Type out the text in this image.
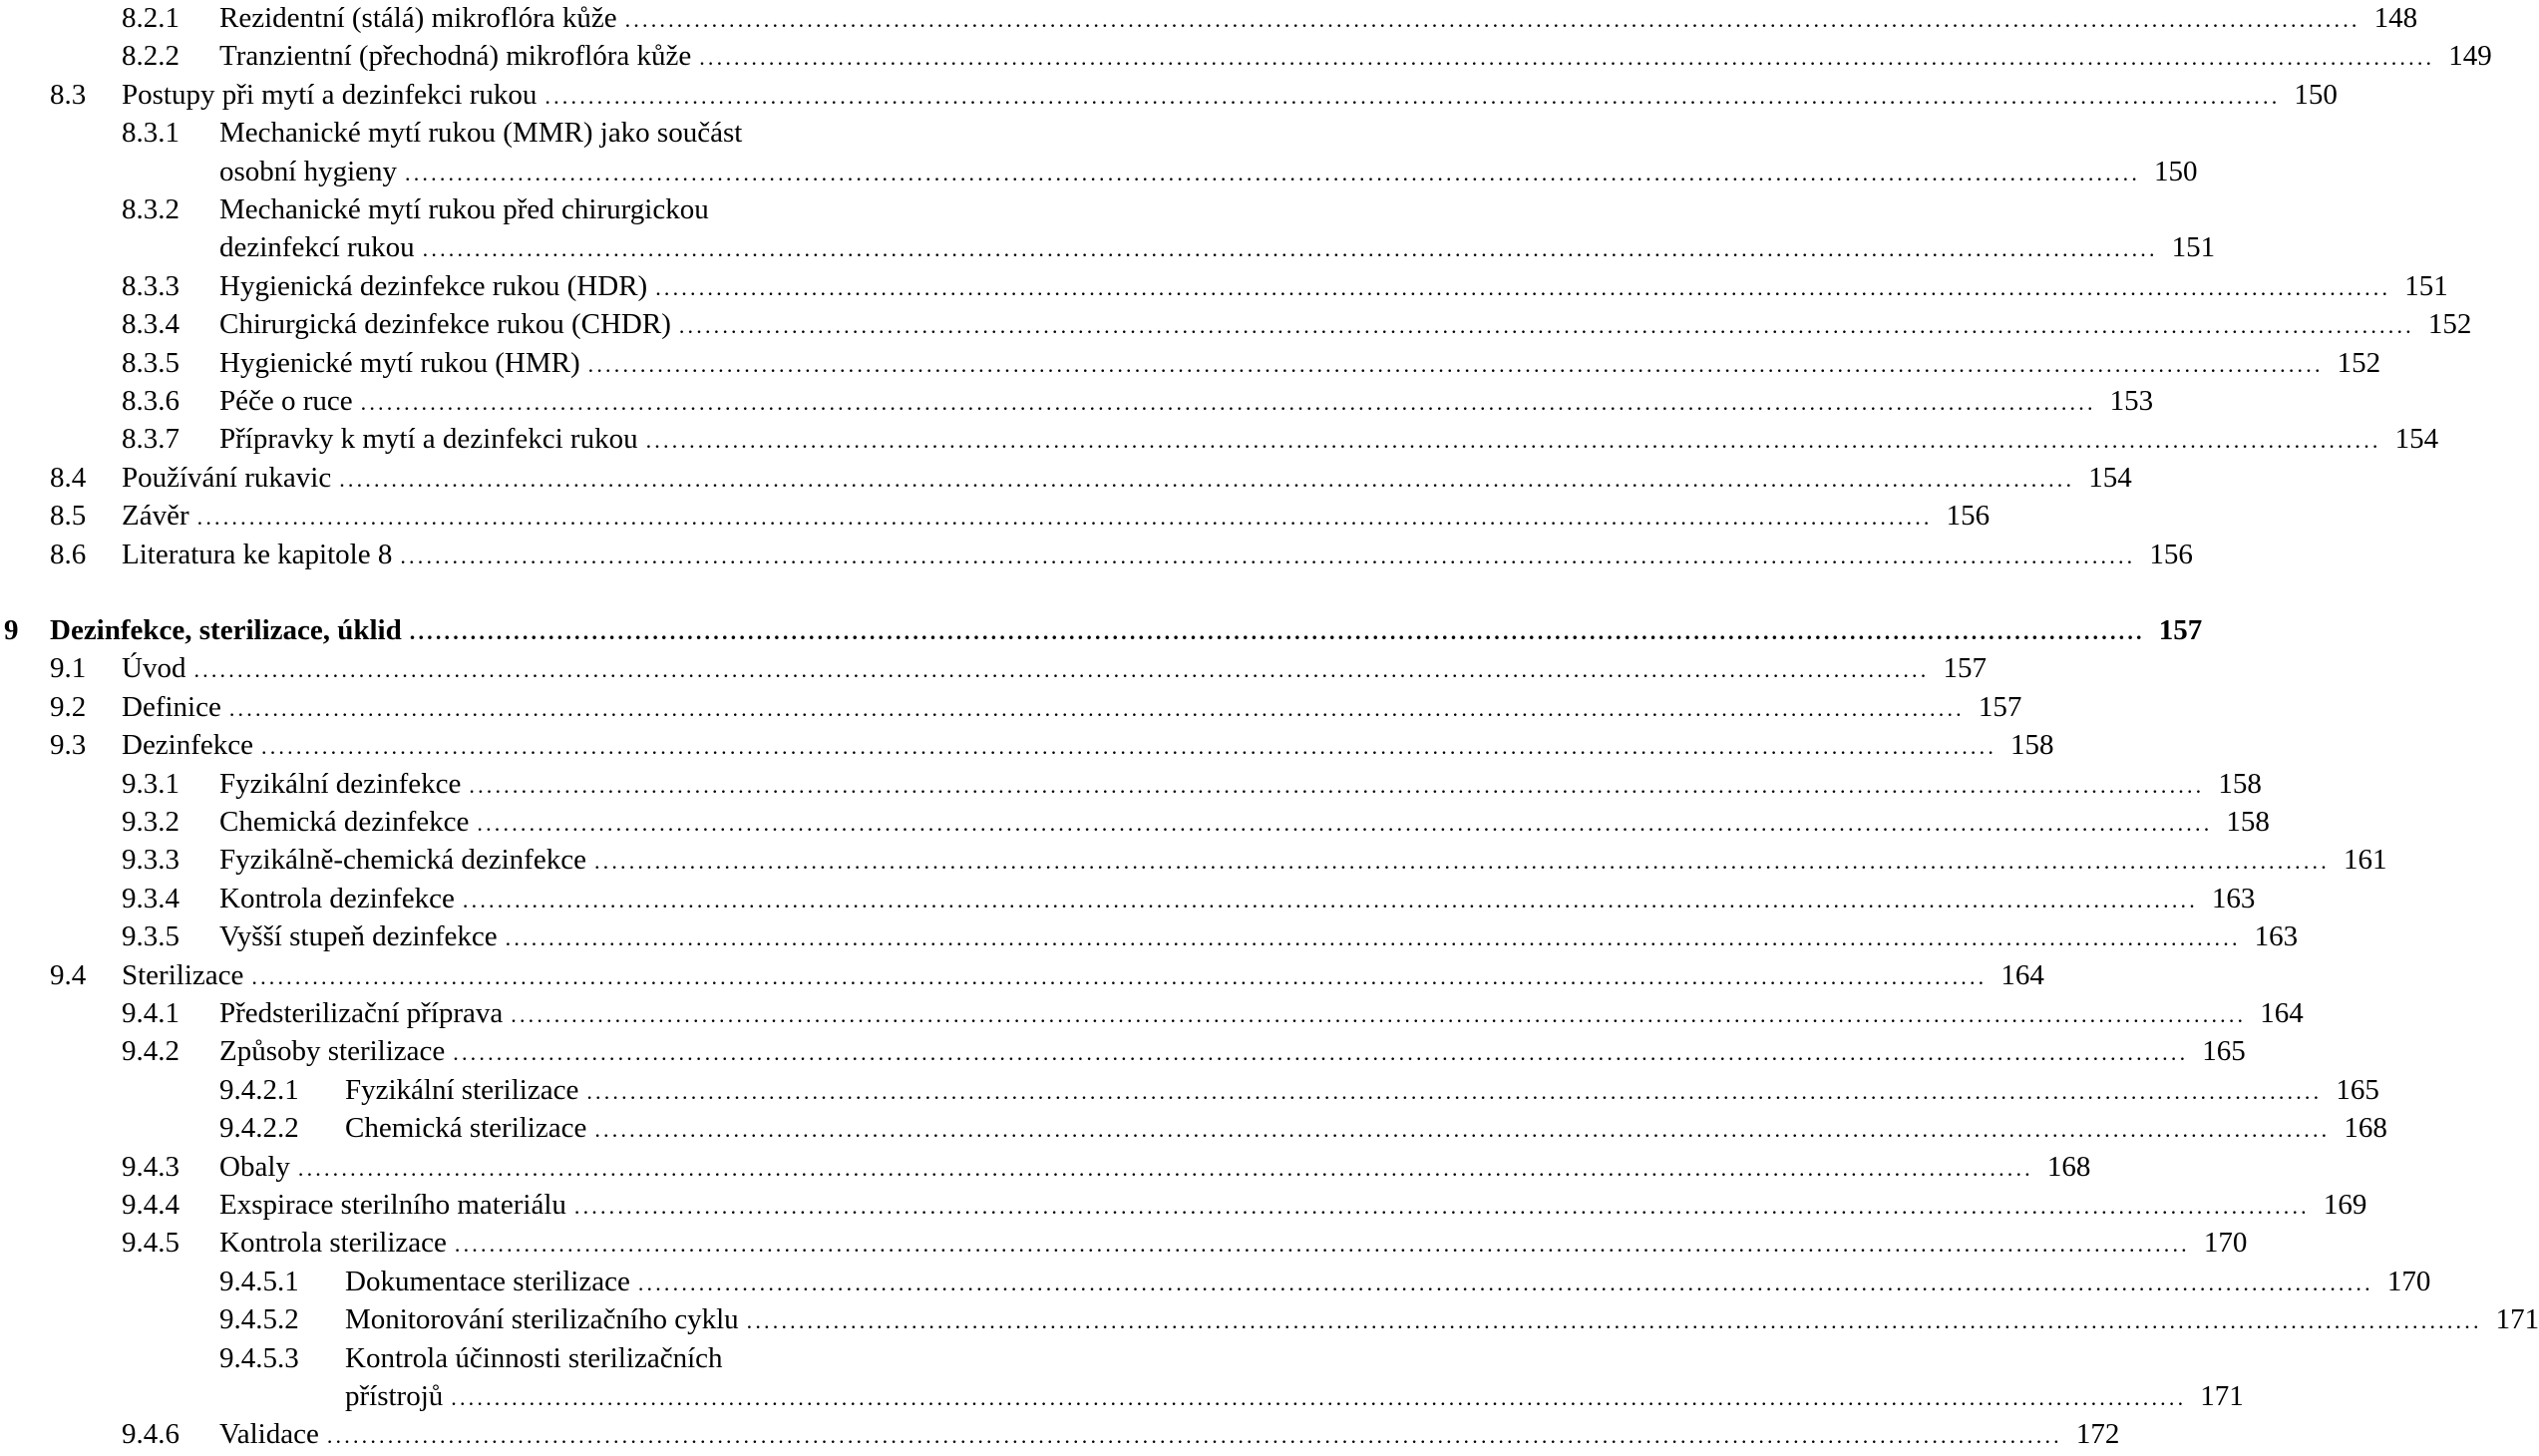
8.2.1 Rezidentní (stálá) mikroflóra kůže ........................................................................................................................................................................................................ 148
8.2.2 Tranzientní (přechodná) mikroflóra kůže ........................................................................................................................................................................................................ 149
8.3 Postupy při mytí a dezinfekci rukou ........................................................................................................................................................................................................ 150
8.3.1 Mechanické mytí rukou (MMR) jako součást
osobní hygieny ........................................................................................................................................................................................................ 150
8.3.2 Mechanické mytí rukou před chirurgickou
dezinfekcí rukou ........................................................................................................................................................................................................ 151
8.3.3 Hygienická dezinfekce rukou (HDR) ........................................................................................................................................................................................................ 151
8.3.4 Chirurgická dezinfekce rukou (CHDR) ........................................................................................................................................................................................................ 152
8.3.5 Hygienické mytí rukou (HMR) ........................................................................................................................................................................................................ 152
8.3.6 Péče o ruce ........................................................................................................................................................................................................ 153
8.3.7 Přípravky k mytí a dezinfekci rukou ........................................................................................................................................................................................................ 154
8.4 Používání rukavic ........................................................................................................................................................................................................ 154
8.5 Závěr ........................................................................................................................................................................................................ 156
8.6 Literatura ke kapitole 8 ........................................................................................................................................................................................................ 156
9 Dezinfekce, sterilizace, úklid ........................................................................................................................................................................................................ 157
9.1 Úvod ........................................................................................................................................................................................................ 157
9.2 Definice ........................................................................................................................................................................................................ 157
9.3 Dezinfekce ........................................................................................................................................................................................................ 158
9.3.1 Fyzikální dezinfekce ........................................................................................................................................................................................................ 158
9.3.2 Chemická dezinfekce ........................................................................................................................................................................................................ 158
9.3.3 Fyzikálně-chemická dezinfekce ........................................................................................................................................................................................................ 161
9.3.4 Kontrola dezinfekce ........................................................................................................................................................................................................ 163
9.3.5 Vyšší stupeň dezinfekce ........................................................................................................................................................................................................ 163
9.4 Sterilizace ........................................................................................................................................................................................................ 164
9.4.1 Předsterilizační příprava ........................................................................................................................................................................................................ 164
9.4.2 Způsoby sterilizace ........................................................................................................................................................................................................ 165
9.4.2.1 Fyzikální sterilizace ........................................................................................................................................................................................................ 165
9.4.2.2 Chemická sterilizace ........................................................................................................................................................................................................ 168
9.4.3 Obaly ........................................................................................................................................................................................................ 168
9.4.4 Exspirace sterilního materiálu ........................................................................................................................................................................................................ 169
9.4.5 Kontrola sterilizace ........................................................................................................................................................................................................ 170
9.4.5.1 Dokumentace sterilizace ........................................................................................................................................................................................................ 170
9.4.5.2 Monitorování sterilizačního cyklu ........................................................................................................................................................................................................ 171
9.4.5.3 Kontrola účinnosti sterilizačních
přístrojů ........................................................................................................................................................................................................ 171
9.4.6 Validace ........................................................................................................................................................................................................ 172
